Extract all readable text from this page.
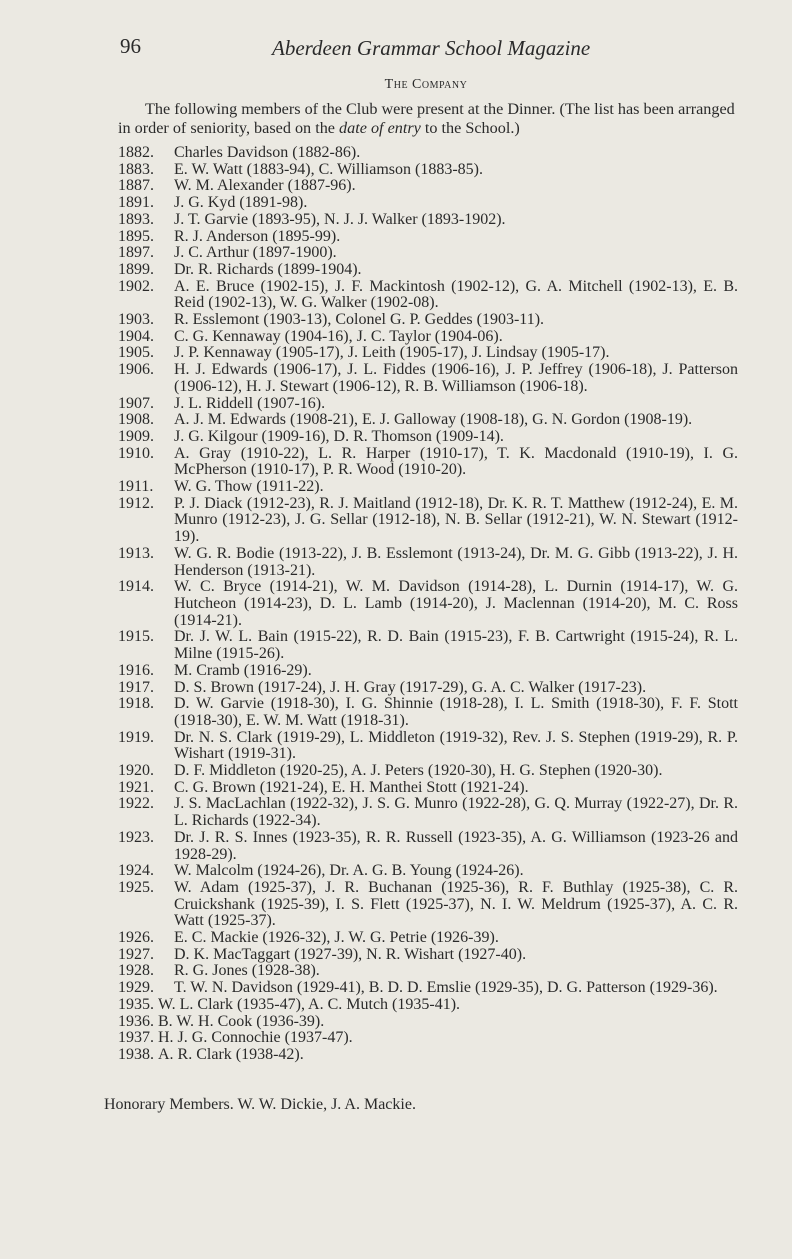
96	Aberdeen Grammar School Magazine
The Company

The following members of the Club were present at the Dinner. (The list has been arranged in order of seniority, based on the date of entry to the School.)

1882.	Charles Davidson (1882-86).
1883.	E. W. Watt (1883-94), C. Williamson (1883-85).
1887.	W. M. Alexander (1887-96).
1891.	J. G. Kyd (1891-98).
1893.	J. T. Garvie (1893-95), N. J. J. Walker (1893-1902).
1895.	R. J. Anderson (1895-99).
1897.	J. C. Arthur (1897-1900).
1899.	Dr. R. Richards (1899-1904).
1902.	A. E. Bruce (1902-15), J. F. Mackintosh (1902-12), G. A. Mitchell (1902-13), E. B. Reid (1902-13), W. G. Walker (1902-08).
1903.	R. Esslemont (1903-13), Colonel G. P. Geddes (1903-11).
1904.	C. G. Kennaway (1904-16), J. C. Taylor (1904-06).
1905.	J. P. Kennaway (1905-17), J. Leith (1905-17), J. Lindsay (1905-17).
1906.	H. J. Edwards (1906-17), J. L. Fiddes (1906-16), J. P. Jeffrey (1906-18), J. Patterson (1906-12), H. J. Stewart (1906-12), R. B. Williamson (1906-18).
1907.	J. L. Riddell (1907-16).
1908.	A. J. M. Edwards (1908-21), E. J. Galloway (1908-18), G. N. Gordon (1908-19).
1909.	J. G. Kilgour (1909-16), D. R. Thomson (1909-14).
1910.	A. Gray (1910-22), L. R. Harper (1910-17), T. K. Macdonald (1910-19), I. G. McPherson (1910-17), P. R. Wood (1910-20).
1911.	W. G. Thow (1911-22).
1912.	P. J. Diack (1912-23), R. J. Maitland (1912-18), Dr. K. R. T. Matthew (1912-24), E. M. Munro (1912-23), J. G. Sellar (1912-18), N. B. Sellar (1912-21), W. N. Stewart (1912-19).
1913.	W. G. R. Bodie (1913-22), J. B. Esslemont (1913-24), Dr. M. G. Gibb (1913-22), J. H. Henderson (1913-21).
1914.	W. C. Bryce (1914-21), W. M. Davidson (1914-28), L. Durnin (1914-17), W. G. Hutcheon (1914-23), D. L. Lamb (1914-20), J. Maclennan (1914-20), M. C. Ross (1914-21).
1915.	Dr. J. W. L. Bain (1915-22), R. D. Bain (1915-23), F. B. Cartwright (1915-24), R. L. Milne (1915-26).
1916.	M. Cramb (1916-29).
1917.	D. S. Brown (1917-24), J. H. Gray (1917-29), G. A. C. Walker (1917-23).
1918.	D. W. Garvie (1918-30), I. G. Shinnie (1918-28), I. L. Smith (1918-30), F. F. Stott (1918-30), E. W. M. Watt (1918-31).
1919.	Dr. N. S. Clark (1919-29), L. Middleton (1919-32), Rev. J. S. Stephen (1919-29), R. P. Wishart (1919-31).
1920.	D. F. Middleton (1920-25), A. J. Peters (1920-30), H. G. Stephen (1920-30).
1921.	C. G. Brown (1921-24), E. H. Manthei Stott (1921-24).
1922.	J. S. MacLachlan (1922-32), J. S. G. Munro (1922-28), G. Q. Murray (1922-27), Dr. R. L. Richards (1922-34).
1923.	Dr. J. R. S. Innes (1923-35), R. R. Russell (1923-35), A. G. Williamson (1923-26 and 1928-29).
1924.	W. Malcolm (1924-26), Dr. A. G. B. Young (1924-26).
1925.	W. Adam (1925-37), J. R. Buchanan (1925-36), R. F. Buthlay (1925-38), C. R. Cruickshank (1925-39), I. S. Flett (1925-37), N. I. W. Meldrum (1925-37), A. C. R. Watt (1925-37).
1926.	E. C. Mackie (1926-32), J. W. G. Petrie (1926-39).
1927.	D. K. MacTaggart (1927-39), N. R. Wishart (1927-40).
1928.	R. G. Jones (1928-38).
1929.	T. W. N. Davidson (1929-41), B. D. D. Emslie (1929-35), D. G. Patterson (1929-36).
1935. W. L. Clark (1935-47), A. C. Mutch (1935-41).
1936. B. W. H. Cook (1936-39).
1937. H. J. G. Connochie (1937-47).
1938. A. R. Clark (1938-42).
Honorary Members. W. W. Dickie, J. A. Mackie.
